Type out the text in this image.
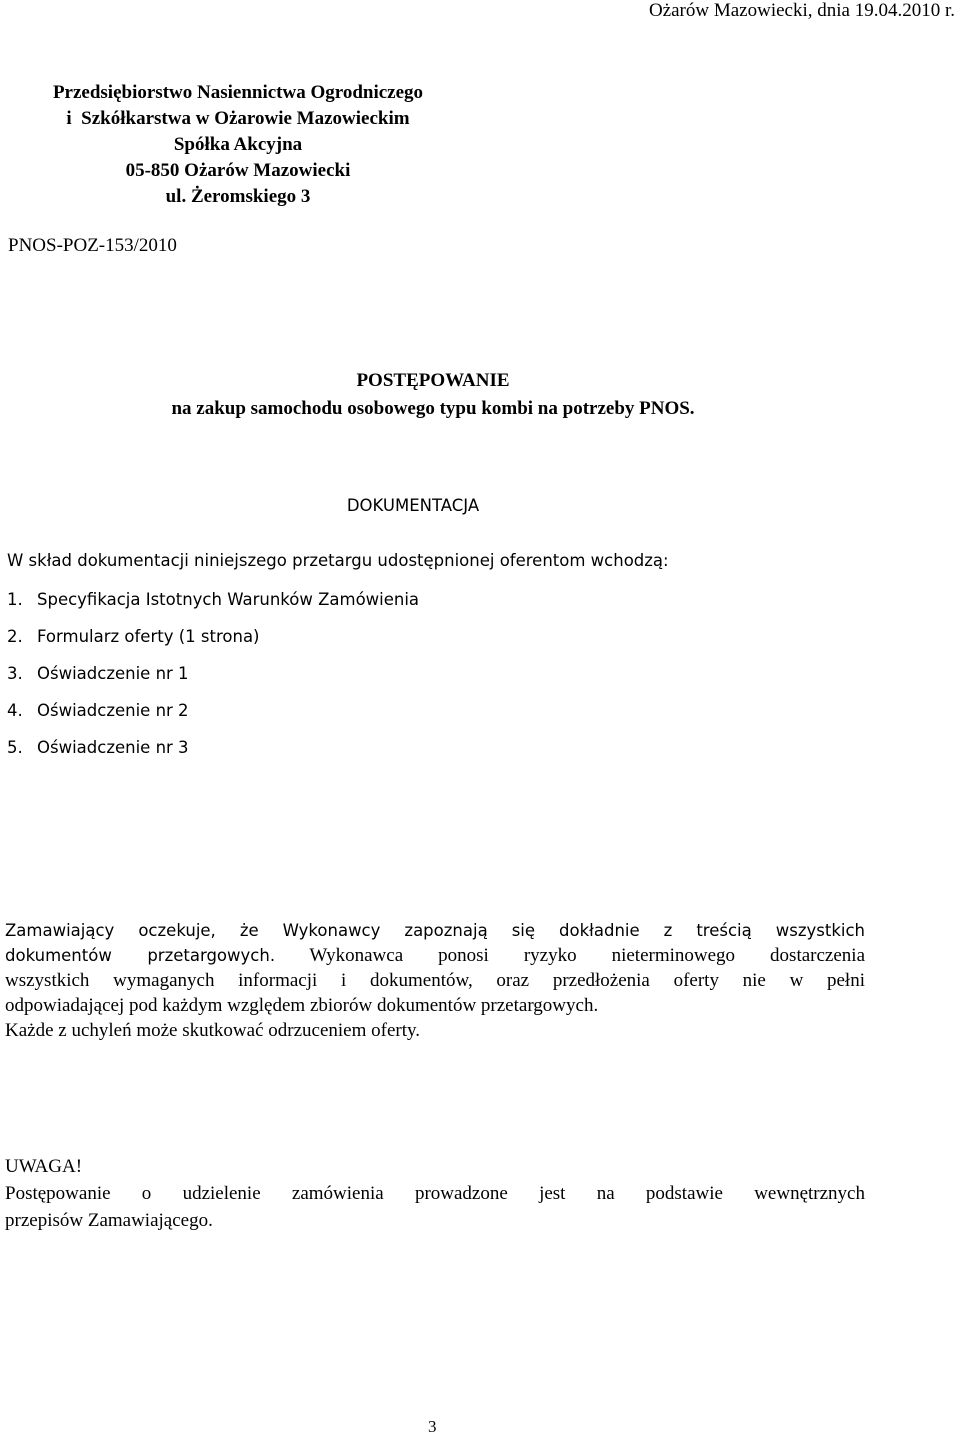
Ożarów Mazowiecki, dnia 19.04.2010 r.
Przedsiębiorstwo Nasiennictwa Ogrodniczego
i  Szkółkarstwa w Ożarowie Mazowieckim
Spółka Akcyjna
05-850 Ożarów Mazowiecki
ul. Żeromskiego 3
PNOS-POZ-153/2010
POSTĘPOWANIE
na zakup samochodu osobowego typu kombi na potrzeby PNOS.
DOKUMENTACJA
W skład dokumentacji niniejszego przetargu udostępnionej oferentom wchodzą:
1. Specyfikacja Istotnych Warunków Zamówienia
2. Formularz oferty (1 strona)
3. Oświadczenie nr 1
4. Oświadczenie nr 2
5. Oświadczenie nr 3
Zamawiający oczekuje, że Wykonawcy zapoznają się dokładnie z treścią wszystkich
dokumentów przetargowych. Wykonawca ponosi ryzyko nieterminowego dostarczenia
wszystkich wymaganych informacji i dokumentów, oraz przedłożenia oferty nie w pełni
odpowiadającej pod każdym względem zbiorów dokumentów przetargowych.
Każde z uchyleń może skutkować odrzuceniem oferty.
UWAGA!
Postępowanie o udzielenie zamówienia prowadzone jest na podstawie wewnętrznych
przepisów Zamawiającego.
3
